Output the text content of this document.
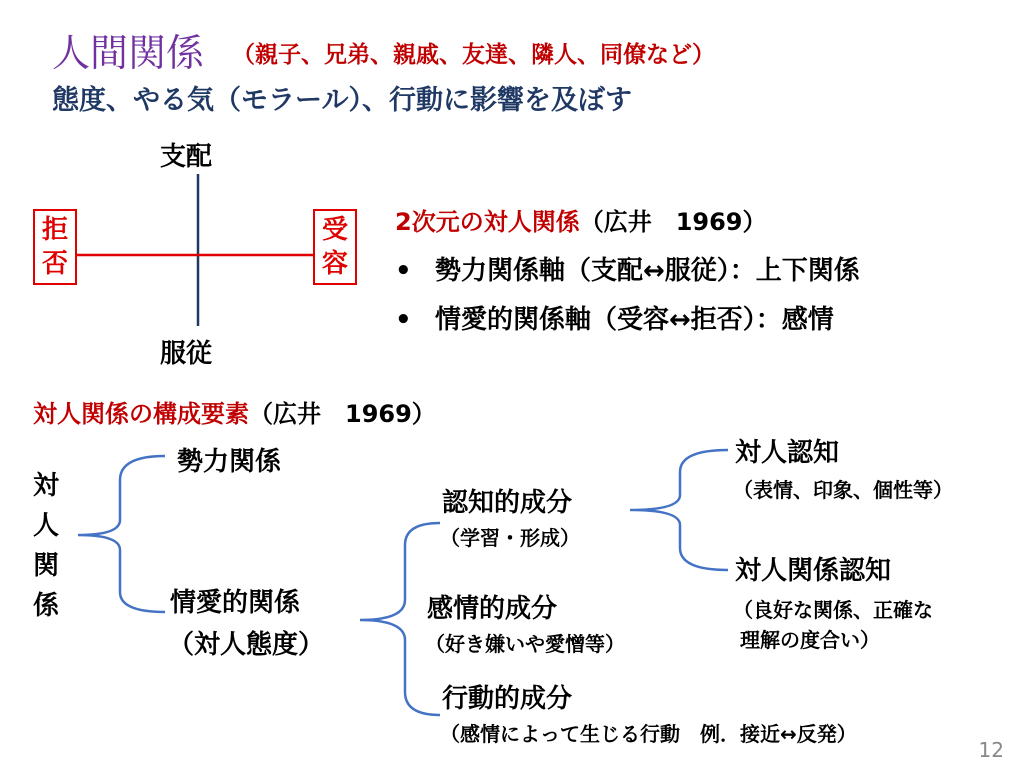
人間関係 （親子、兄弟、親戚、友達、隣人、同僚など）
態度、やる気（モラール）、行動に影響を及ぼす
支配
服従
拒
否
受
容
2次元の対人関係（広井　1969）
• 勢力関係軸（支配↔服従）：上下関係
• 情愛的関係軸（受容↔拒否）：感情
対人関係の構成要素（広井　1969）
対人関係
勢力関係
情愛的関係
（対人態度）
認知的成分
（学習・形成）
感情的成分
（好き嫌いや愛憎等）
行動的成分
（感情によって生じる行動　例．接近↔反発）
対人認知
（表情、印象、個性等）
対人関係認知
（良好な関係、正確な
理解の度合い）
12
